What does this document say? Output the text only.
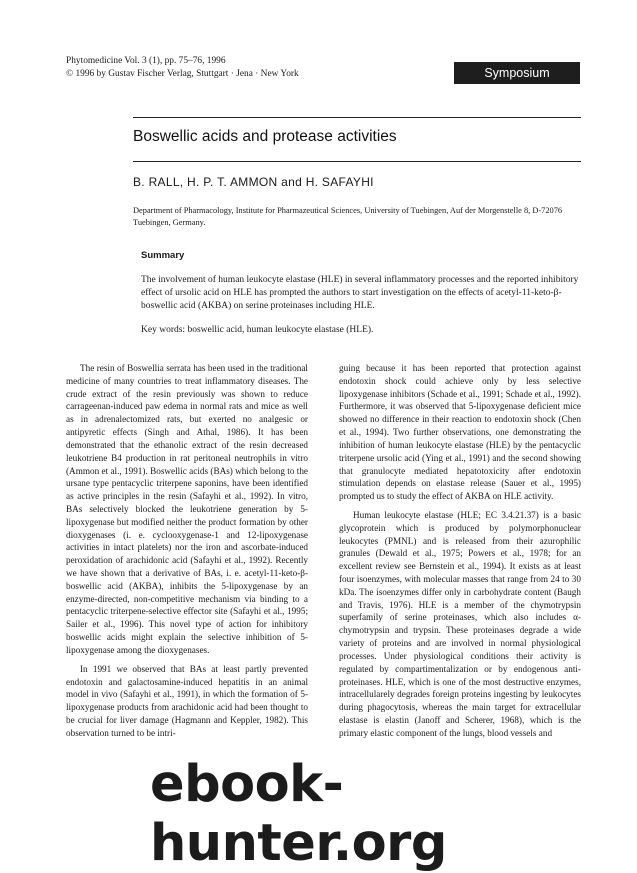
Phytomedicine Vol. 3 (1), pp. 75–76, 1996
© 1996 by Gustav Fischer Verlag, Stuttgart · Jena · New York	Symposium
Boswellic acids and protease activities
B. RALL, H. P. T. AMMON and H. SAFAYHI
Department of Pharmacology, Institute for Pharmazeutical Sciences, University of Tuebingen, Auf der Morgenstelle 8, D-72076 Tuebingen, Germany.
Summary
The involvement of human leukocyte elastase (HLE) in several inflammatory processes and the reported inhibitory effect of ursolic acid on HLE has prompted the authors to start investigation on the effects of acetyl-11-keto-β-boswellic acid (AKBA) on serine proteinases including HLE.
Key words: boswellic acid, human leukocyte elastase (HLE).

The resin of Boswellia serrata has been used in the traditional medicine of many countries to treat inflammatory diseases. The crude extract of the resin previously was shown to reduce carrageenan-induced paw edema in normal rats and mice as well as in adrenalectomized rats, but exerted no analgesic or antipyretic effects (Singh and Athal, 1986). It has been demonstrated that the ethanolic extract of the resin decreased leukotriene B4 production in rat peritoneal neutrophils in vitro (Ammon et al., 1991). Boswellic acids (BAs) which belong to the ursane type pentacyclic triterpene saponins, have been identified as active principles in the resin (Safayhi et al., 1992). In vitro, BAs selectively blocked the leukotriene generation by 5-lipoxygenase but modified neither the product formation by other dioxygenases (i. e. cyclooxygenase-1 and 12-lipoxygenase activities in intact platelets) nor the iron and ascorbate-induced peroxidation of arachidonic acid (Safayhi et al., 1992). Recently we have shown that a derivative of BAs, i. e. acetyl-11-keto-β-boswellic acid (AKBA), inhibits the 5-lipoxygenase by an enzyme-directed, non-competitive mechanism via binding to a pentacyclic triterpene-selective effector site (Safayhi et al., 1995; Sailer et al., 1996). This novel type of action for inhibitory boswellic acids might explain the selective inhibition of 5-lipoxygenase among the dioxygenases.

In 1991 we observed that BAs at least partly prevented endotoxin and galactosamine-induced hepatitis in an animal model in vivo (Safayhi et al., 1991), in which the formation of 5-lipoxygenase products from arachidonic acid had been thought to be crucial for liver damage (Hagmann and Keppler, 1982). This observation turned to be intri-

guing because it has been reported that protection against endotoxin shock could achieve only by less selective lipoxygenase inhibitors (Schade et al., 1991; Schade et al., 1992). Furthermore, it was observed that 5-lipoxygenase deficient mice showed no difference in their reaction to endotoxin shock (Chen et al., 1994). Two further observations, one demonstrating the inhibition of human leukocyte elastase (HLE) by the pentacyclic triterpene ursolic acid (Ying et al., 1991) and the second showing that granulocyte mediated hepatotoxicity after endotoxin stimulation depends on elastase release (Sauer et al., 1995) prompted us to study the effect of AKBA on HLE activity.

Human leukocyte elastase (HLE; EC 3.4.21.37) is a basic glycoprotein which is produced by polymorphonuclear leukocytes (PMNL) and is released from their azurophilic granules (Dewald et al., 1975; Powers et al., 1978; for an excellent review see Bernstein et al., 1994). It exists as at least four isoenzymes, with molecular masses that range from 24 to 30 kDa. The isoenzymes differ only in carbohydrate content (Baugh and Travis, 1976). HLE is a member of the chymotrypsin superfamily of serine proteinases, which also includes α-chymotrypsin and trypsin. These proteinases degrade a wide variety of proteins and are involved in normal physiological processes. Under physiological conditions their activity is regulated by compartimentalization or by endogenous anti-proteinases. HLE, which is one of the most destructive enzymes, intracellularely degrades foreign proteins ingesting by leukocytes during phagocytosis, whereas the main target for extracellular elastase is elastin (Janoff and Scherer, 1968), which is the primary elastic component of the lungs, blood vessels and

ebook-hunter.org
